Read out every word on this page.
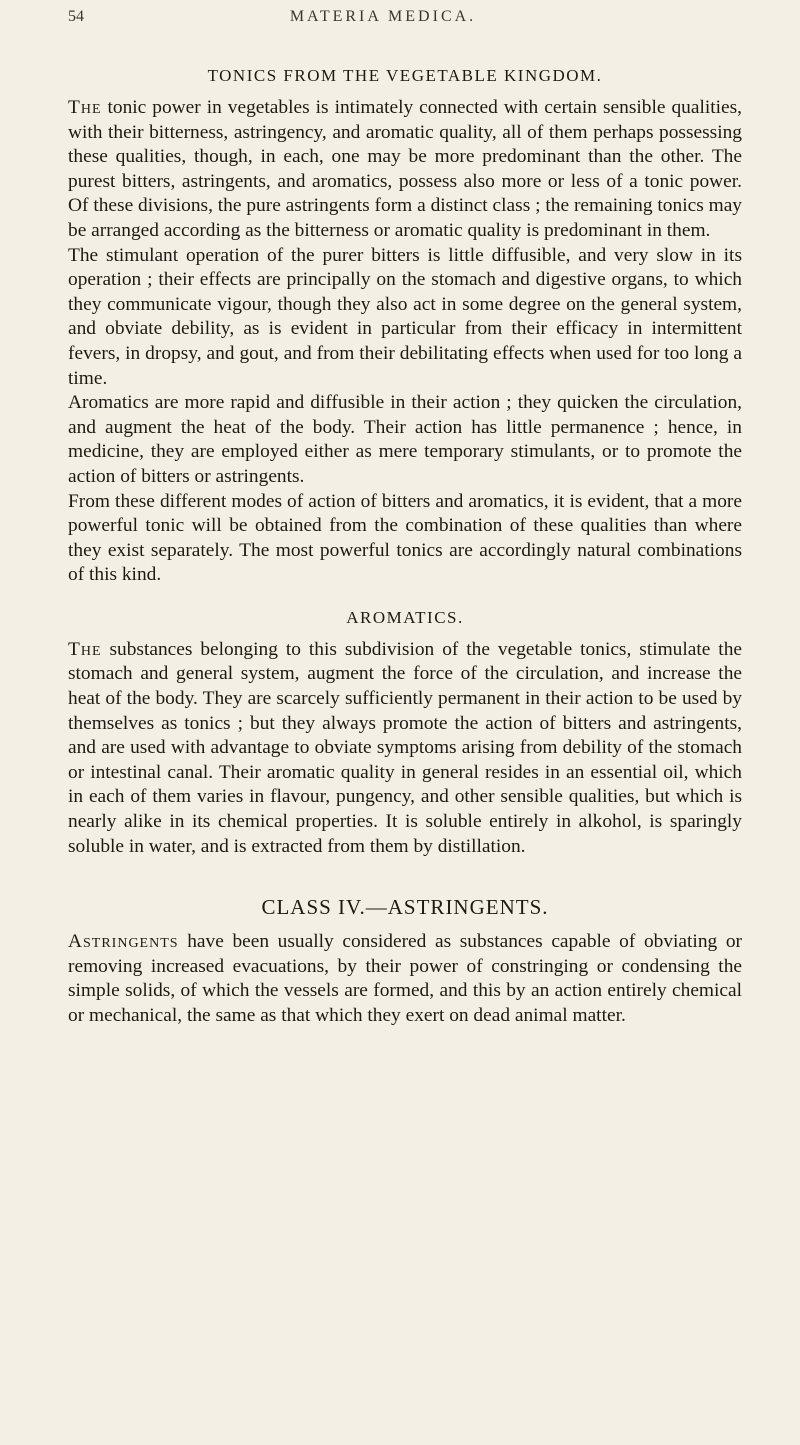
54	MATERIA MEDICA.
TONICS FROM THE VEGETABLE KINGDOM.

The tonic power in vegetables is intimately connected with certain sensible qualities, with their bitterness, astringency, and aromatic quality, all of them perhaps possessing these qualities, though, in each, one may be more predominant than the other. The purest bitters, astringents, and aromatics, possess also more or less of a tonic power. Of these divisions, the pure astringents form a distinct class ; the remaining tonics may be arranged according as the bitterness or aromatic quality is predominant in them.

The stimulant operation of the purer bitters is little diffusible, and very slow in its operation ; their effects are principally on the stomach and digestive organs, to which they communicate vigour, though they also act in some degree on the general system, and obviate debility, as is evident in particular from their efficacy in intermittent fevers, in dropsy, and gout, and from their debilitating effects when used for too long a time.

Aromatics are more rapid and diffusible in their action ; they quicken the circulation, and augment the heat of the body. Their action has little permanence ; hence, in medicine, they are employed either as mere temporary stimulants, or to promote the action of bitters or astringents.

From these different modes of action of bitters and aromatics, it is evident, that a more powerful tonic will be obtained from the combination of these qualities than where they exist separately. The most powerful tonics are accordingly natural combinations of this kind.

AROMATICS.

The substances belonging to this subdivision of the vegetable tonics, stimulate the stomach and general system, augment the force of the circulation, and increase the heat of the body. They are scarcely sufficiently permanent in their action to be used by themselves as tonics ; but they always promote the action of bitters and astringents, and are used with advantage to obviate symptoms arising from debility of the stomach or intestinal canal. Their aromatic quality in general resides in an essential oil, which in each of them varies in flavour, pungency, and other sensible qualities, but which is nearly alike in its chemical properties. It is soluble entirely in alkohol, is sparingly soluble in water, and is extracted from them by distillation.

CLASS IV.—ASTRINGENTS.

Astringents have been usually considered as substances capable of obviating or removing increased evacuations, by their power of constringing or condensing the simple solids, of which the vessels are formed, and this by an action entirely chemical or mechanical, the same as that which they exert on dead animal matter.
